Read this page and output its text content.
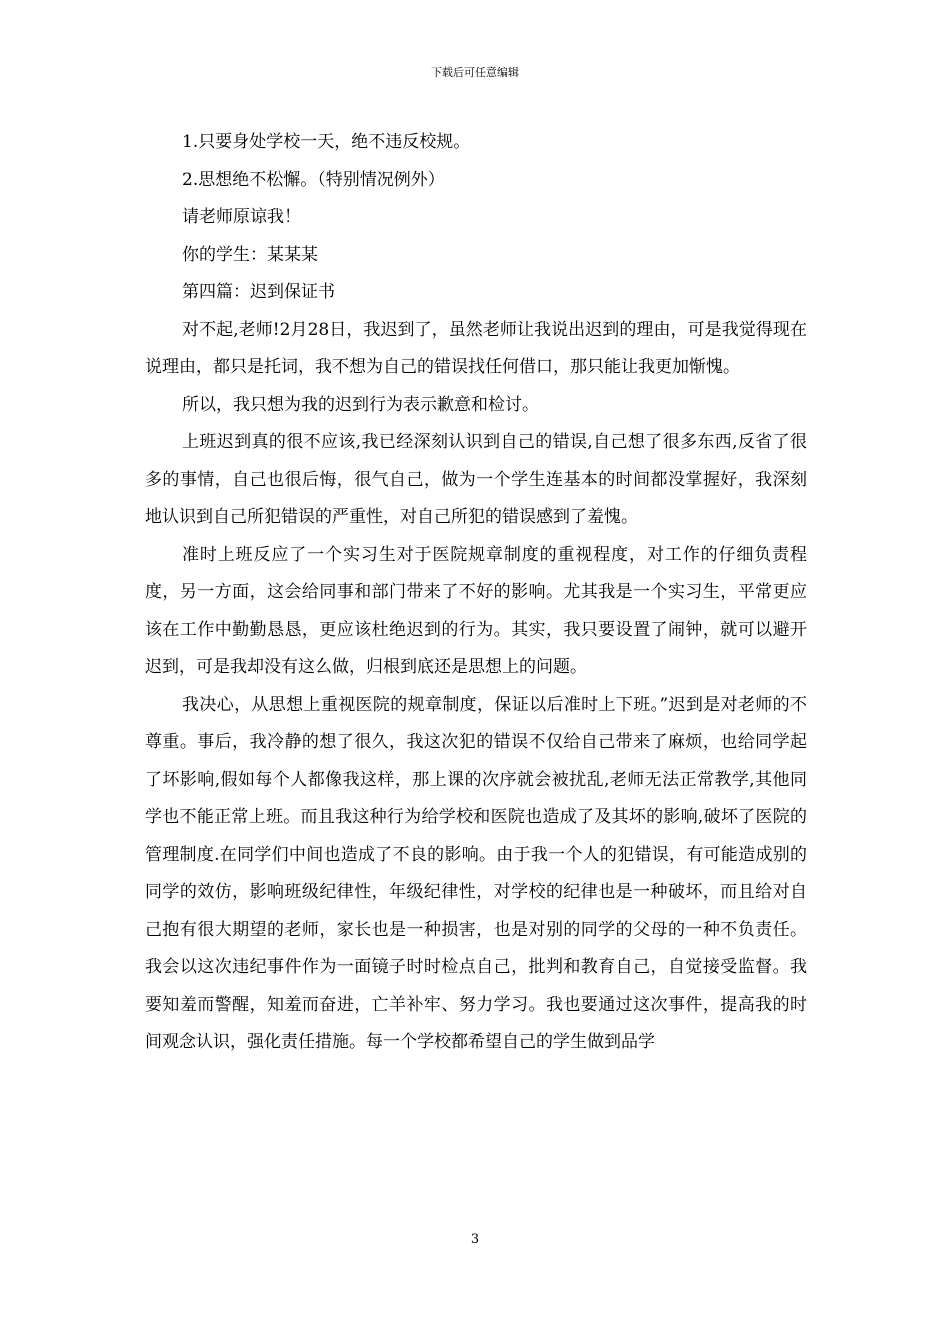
下载后可任意编辑

1.只要身处学校一天，绝不违反校规。

2.思想绝不松懈。（特别情况例外）

请老师原谅我！

你的学生：某某某

第四篇：迟到保证书

对不起,老师!2月28日，我迟到了，虽然老师让我说出迟到的理由，可是我觉得现在说理由，都只是托词，我不想为自己的错误找任何借口，那只能让我更加惭愧。

所以，我只想为我的迟到行为表示歉意和检讨。

上班迟到真的很不应该,我已经深刻认识到自己的错误,自己想了很多东西,反省了很多的事情，自己也很后悔，很气自己，做为一个学生连基本的时间都没掌握好，我深刻地认识到自己所犯错误的严重性，对自己所犯的错误感到了羞愧。

准时上班反应了一个实习生对于医院规章制度的重视程度，对工作的仔细负责程度，另一方面，这会给同事和部门带来了不好的影响。尤其我是一个实习生，平常更应该在工作中勤勤恳恳，更应该杜绝迟到的行为。其实，我只要设置了闹钟，就可以避开迟到，可是我却没有这么做，归根到底还是思想上的问题。

我决心，从思想上重视医院的规章制度，保证以后准时上下班。”迟到是对老师的不尊重。事后，我冷静的想了很久，我这次犯的错误不仅给自己带来了麻烦，也给同学起了坏影响,假如每个人都像我这样，那上课的次序就会被扰乱,老师无法正常教学,其他同学也不能正常上班。而且我这种行为给学校和医院也造成了及其坏的影响,破坏了医院的管理制度.在同学们中间也造成了不良的影响。由于我一个人的犯错误，有可能造成别的同学的效仿，影响班级纪律性，年级纪律性，对学校的纪律也是一种破坏，而且给对自己抱有很大期望的老师，家长也是一种损害，也是对别的同学的父母的一种不负责任。我会以这次违纪事件作为一面镜子时时检点自己，批判和教育自己，自觉接受监督。我要知羞而警醒，知羞而奋进，亡羊补牢、努力学习。我也要通过这次事件，提高我的时间观念认识，强化责任措施。每一个学校都希望自己的学生做到品学

3
